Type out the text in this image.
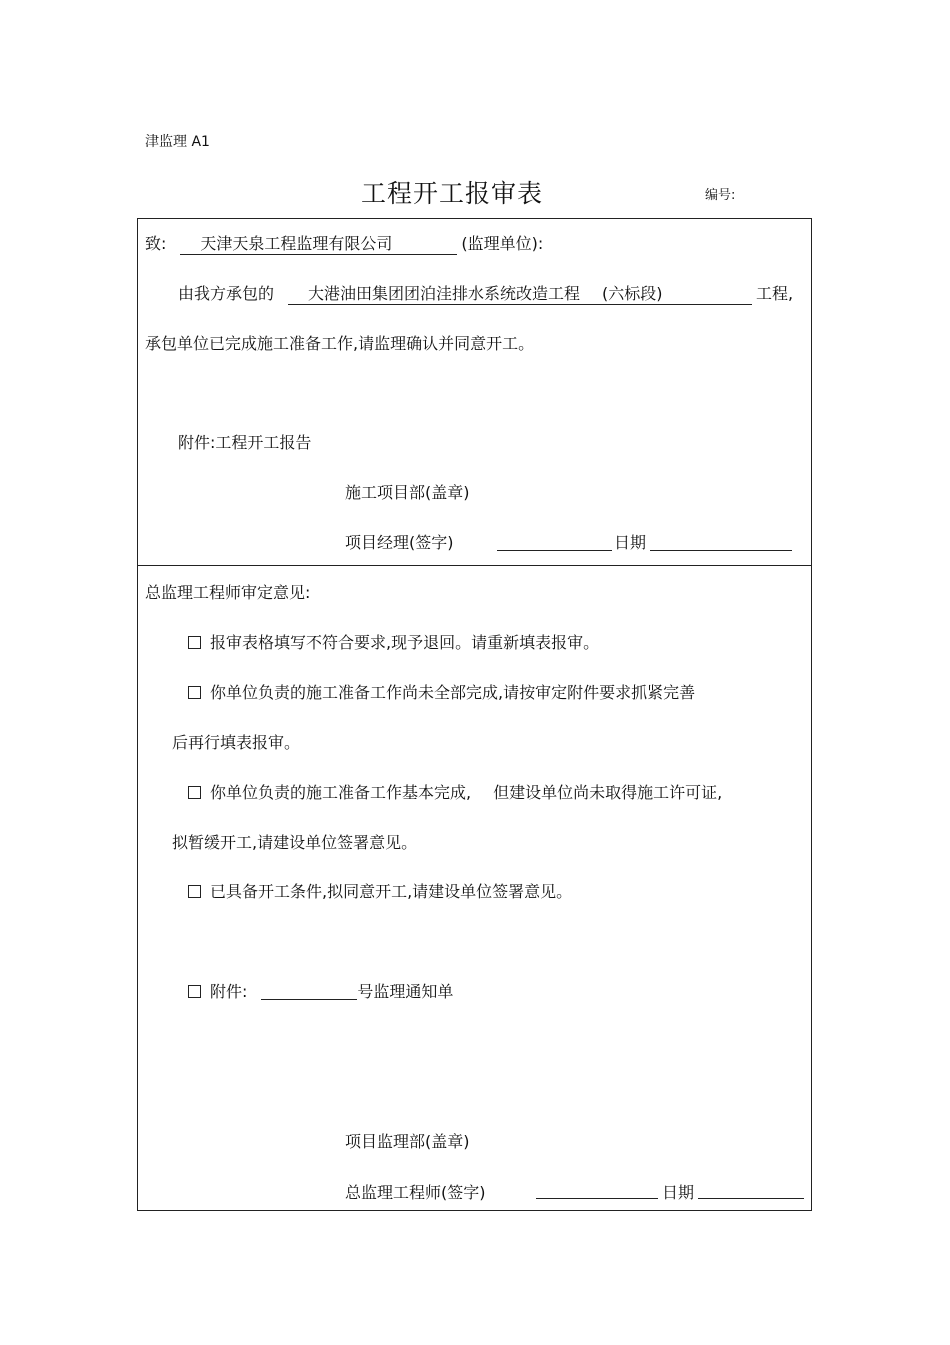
津监理 A1
工程开工报审表	编号:
致: 天津天泉工程监理有限公司	(监理单位):
由我方承包的 大港油田集团团泊洼排水系统改造工程 (六标段)	工程,
承包单位已完成施工准备工作,请监理确认并同意开工。
附件:工程开工报告
施工项目部(盖章)
项目经理(签字)	日期
总监理工程师审定意见:
报审表格填写不符合要求,现予退回。请重新填表报审。
你单位负责的施工准备工作尚未全部完成,请按审定附件要求抓紧完善
后再行填表报审。
你单位负责的施工准备工作基本完成, 但建设单位尚未取得施工许可证,
拟暂缓开工,请建设单位签署意见。
已具备开工条件,拟同意开工,请建设单位签署意见。
附件:	号监理通知单
项目监理部(盖章)
总监理工程师(签字)	日期
